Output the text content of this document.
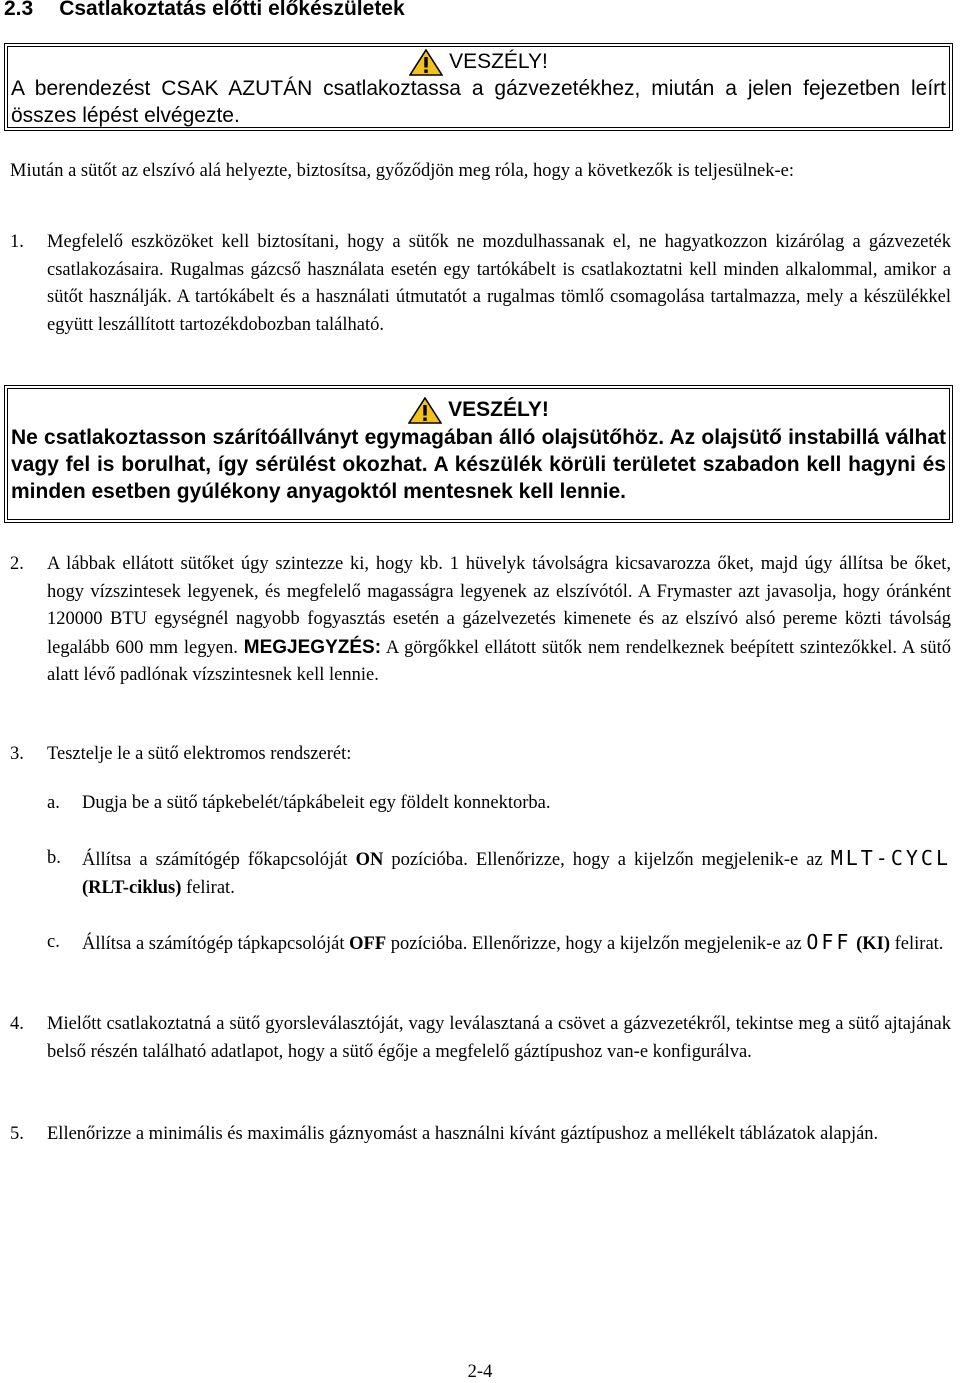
2.3 Csatlakoztatás előtti előkészületek
VESZÉLY!
A berendezést CSAK AZUTÁN csatlakoztassa a gázvezetékhez, miután a jelen fejezetben leírt összes lépést elvégezte.
Miután a sütőt az elszívó alá helyezte, biztosítsa, győződjön meg róla, hogy a következők is teljesülnek-e:
1. Megfelelő eszközöket kell biztosítani, hogy a sütők ne mozdulhassanak el, ne hagyatkozzon kizárólag a gázvezeték csatlakozásaira. Rugalmas gázcső használata esetén egy tartókábelt is csatlakoztatni kell minden alkalommal, amikor a sütőt használják. A tartókábelt és a használati útmutatót a rugalmas tömlő csomagolása tartalmazza, mely a készülékkel együtt leszállított tartozékdobozban található.
VESZÉLY!
Ne csatlakoztasson szárítóállványt egymagában álló olajsütőhöz. Az olajsütő instabillá válhat vagy fel is borulhat, így sérülést okozhat. A készülék körüli területet szabadon kell hagyni és minden esetben gyúlékony anyagoktól mentesnek kell lennie.
2. A lábbak ellátott sütőket úgy szintezze ki, hogy kb. 1 hüvelyk távolságra kicsavarozza őket, majd úgy állítsa be őket, hogy vízszintesek legyenek, és megfelelő magasságra legyenek az elszívótól. A Frymaster azt javasolja, hogy óránként 120000 BTU egységnél nagyobb fogyasztás esetén a gázelvezetés kimenete és az elszívó alsó pereme közti távolság legalább 600 mm legyen. MEGJEGYZÉS: A görgőkkel ellátott sütők nem rendelkeznek beépített szintezőkkel. A sütő alatt lévő padlónak vízszintesnek kell lennie.
3. Tesztelje le a sütő elektromos rendszerét:
a. Dugja be a sütő tápkebelét/tápkábeleit egy földelt konnektorba.
b. Állítsa a számítógép főkapcsolóját ON pozícióba. Ellenőrizze, hogy a kijelzőn megjelenik-e az MLT-CYCL (RLT-ciklus) felirat.
c. Állítsa a számítógép tápkapcsolóját OFF pozícióba. Ellenőrizze, hogy a kijelzőn megjelenik-e az OFF (KI) felirat.
4. Mielőtt csatlakoztatná a sütő gyorsleválasztóját, vagy leválasztaná a csövet a gázvezetékről, tekintse meg a sütő ajtajának belső részén található adatlapot, hogy a sütő égője a megfelelő gáztípushoz van-e konfigurálva.
5. Ellenőrizze a minimális és maximális gáznyomást a használni kívánt gáztípushoz a mellékelt táblázatok alapján.
2-4
